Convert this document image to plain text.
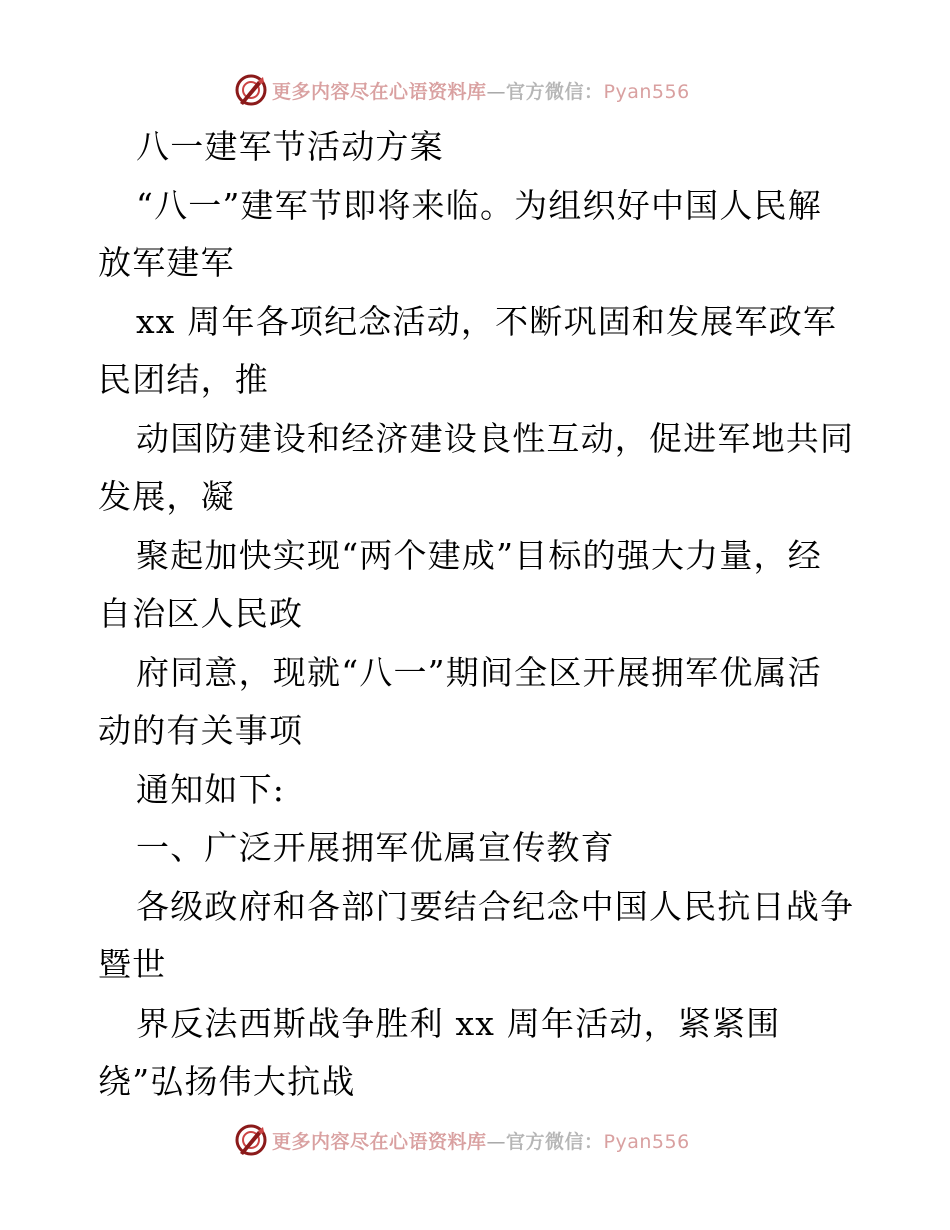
更多内容尽在心语资料库—官方微信：Pyan556
八一建军节活动方案
“八一”建军节即将来临。为组织好中国人民解
放军建军
xx 周年各项纪念活动，不断巩固和发展军政军
民团结，推
动国防建设和经济建设良性互动，促进军地共同
发展，凝
聚起加快实现“两个建成”目标的强大力量，经
自治区人民政
府同意，现就“八一”期间全区开展拥军优属活
动的有关事项
通知如下:
一、广泛开展拥军优属宣传教育
各级政府和各部门要结合纪念中国人民抗日战争
暨世
界反法西斯战争胜利 xx 周年活动，紧紧围
绕”弘扬伟大抗战
更多内容尽在心语资料库—官方微信：Pyan556
